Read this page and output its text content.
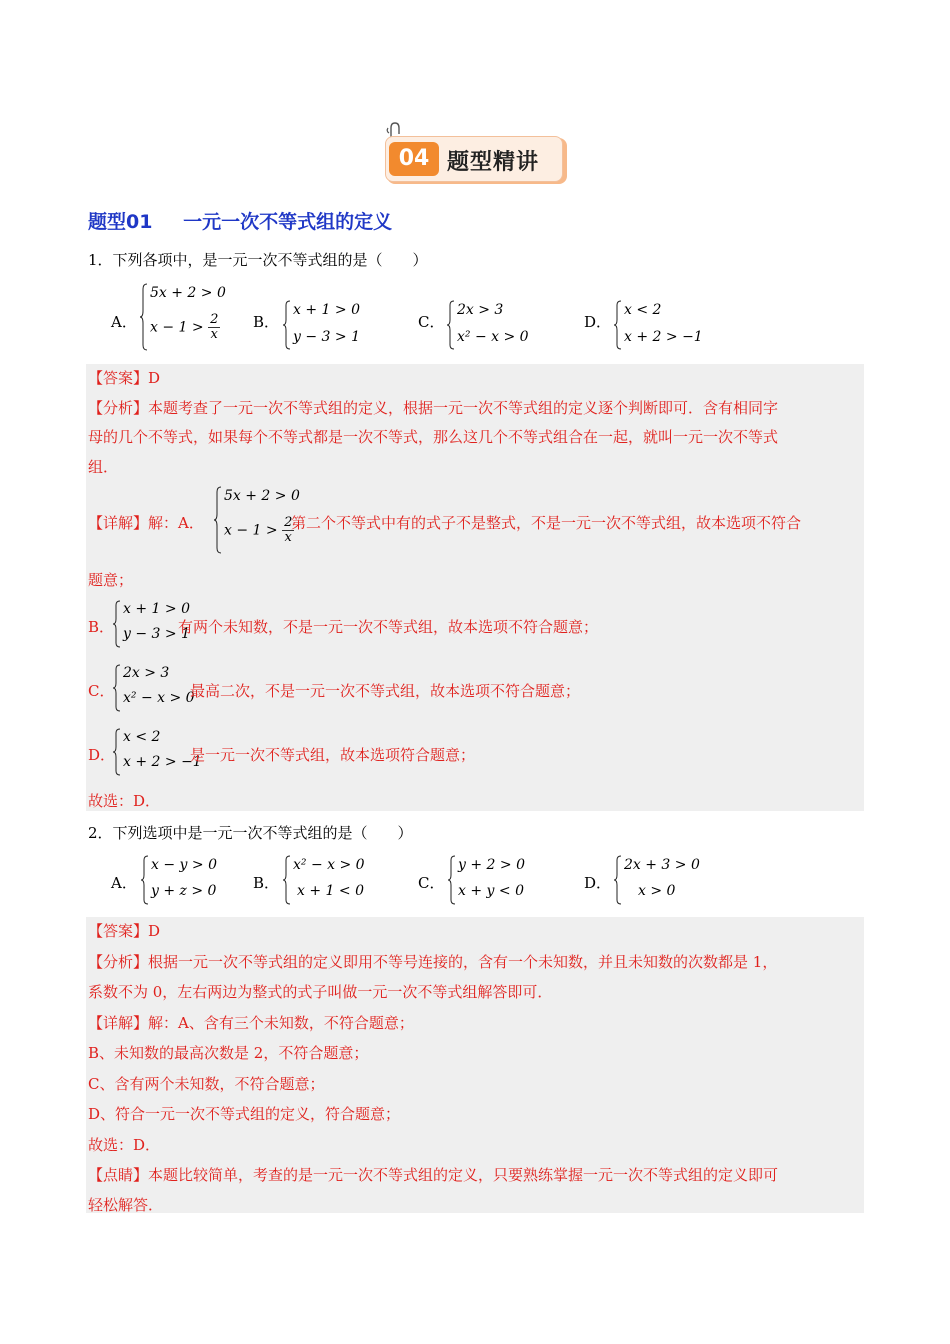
04 题型精讲
题型01 一元一次不等式组的定义
1．下列各项中，是一元一次不等式组的是（　　）
A．
5x + 2 > 0
$x - 1 > \frac{2}{x}$ B．
x + 1 > 0
y − 3 > 1
C．
2x > 3
x² − x > 0
D．
x < 2
x + 2 > −1
【答案】D
【分析】本题考查了一元一次不等式组的定义，根据一元一次不等式组的定义逐个判断即可．含有相同字
母的几个不等式，如果每个不等式都是一次不等式，那么这几个不等式组合在一起，就叫一元一次不等式
组．
【详解】解：A．
5x + 2 > 0
$x - 1 > \frac{2}{x}$
第二个不等式中有的式子不是整式，不是一元一次不等式组，故本选项不符合
题意；
B．
x + 1 > 0
y − 3 > 1
有两个未知数，不是一元一次不等式组，故本选项不符合题意；
C．
2x > 3
x² − x > 0
最高二次，不是一元一次不等式组，故本选项不符合题意；
D．
x < 2
x + 2 > −1
是一元一次不等式组，故本选项符合题意；
故选：D．
2．下列选项中是一元一次不等式组的是（　　）
A．
x − y > 0
y + z > 0 B．
x² − x > 0
x + 1 < 0	C．
y + 2 > 0
x + y < 0	D．
2x + 3 > 0
x > 0
【答案】D
【分析】根据一元一次不等式组的定义即用不等号连接的，含有一个未知数，并且未知数的次数都是 1，
系数不为 0，左右两边为整式的式子叫做一元一次不等式组解答即可．
【详解】解：A、含有三个未知数，不符合题意；
B、未知数的最高次数是 2，不符合题意；
C、含有两个未知数，不符合题意；
D、符合一元一次不等式组的定义，符合题意；
故选：D．
【点睛】本题比较简单，考查的是一元一次不等式组的定义，只要熟练掌握一元一次不等式组的定义即可
轻松解答．
